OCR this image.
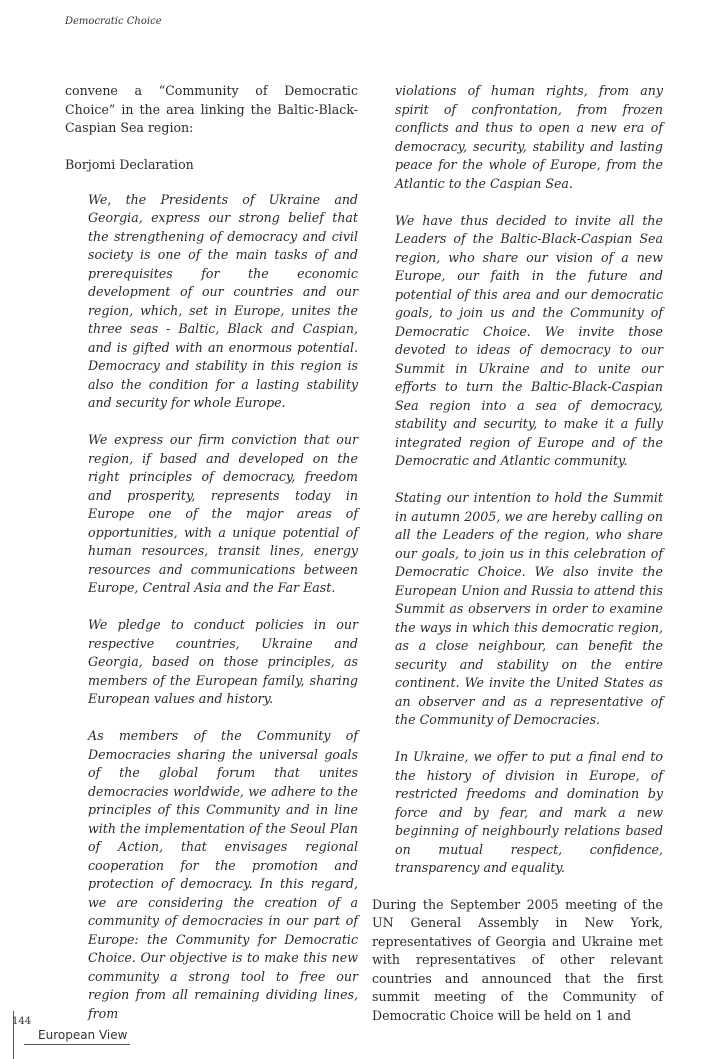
Democratic Choice

convene a “Community of Democratic Choice” in the area linking the Baltic-Black-Caspian Sea region:

Borjomi Declaration

We, the Presidents of Ukraine and Georgia, express our strong belief that the strengthening of democracy and civil society is one of the main tasks of and prerequisites for the economic development of our countries and our region, which, set in Europe, unites the three seas - Baltic, Black and Caspian, and is gifted with an enormous potential. Democracy and stability in this region is also the condition for a lasting stability and security for whole Europe.

We express our firm conviction that our region, if based and developed on the right principles of democracy, freedom and prosperity, represents today in Europe one of the major areas of opportunities, with a unique potential of human resources, transit lines, energy resources and communications between Europe, Central Asia and the Far East.

We pledge to conduct policies in our respective countries, Ukraine and Georgia, based on those principles, as members of the European family, sharing European values and history.

As members of the Community of Democracies sharing the universal goals of the global forum that unites democracies worldwide, we adhere to the principles of this Community and in line with the implementation of the Seoul Plan of Action, that envisages regional cooperation for the promotion and protection of democracy. In this regard, we are considering the creation of a community of democracies in our part of Europe: the Community for Democratic Choice. Our objective is to make this new community a strong tool to free our region from all remaining dividing lines, from

violations of human rights, from any spirit of confrontation, from frozen conflicts and thus to open a new era of democracy, security, stability and lasting peace for the whole of Europe, from the Atlantic to the Caspian Sea.

We have thus decided to invite all the Leaders of the Baltic-Black-Caspian Sea region, who share our vision of a new Europe, our faith in the future and potential of this area and our democratic goals, to join us and the Community of Democratic Choice. We invite those devoted to ideas of democracy to our Summit in Ukraine and to unite our efforts to turn the Baltic-Black-Caspian Sea region into a sea of democracy, stability and security, to make it a fully integrated region of Europe and of the Democratic and Atlantic community.

Stating our intention to hold the Summit in autumn 2005, we are hereby calling on all the Leaders of the region, who share our goals, to join us in this celebration of Democratic Choice. We also invite the European Union and Russia to attend this Summit as observers in order to examine the ways in which this democratic region, as a close neighbour, can benefit the security and stability on the entire continent. We invite the United States as an observer and as a representative of the Community of Democracies.

In Ukraine, we offer to put a final end to the history of division in Europe, of restricted freedoms and domination by force and by fear, and mark a new beginning of neighbourly relations based on mutual respect, confidence, transparency and equality.

During the September 2005 meeting of the UN General Assembly in New York, representatives of Georgia and Ukraine met with representatives of other relevant countries and announced that the first summit meeting of the Community of Democratic Choice will be held on 1 and

144

European View
